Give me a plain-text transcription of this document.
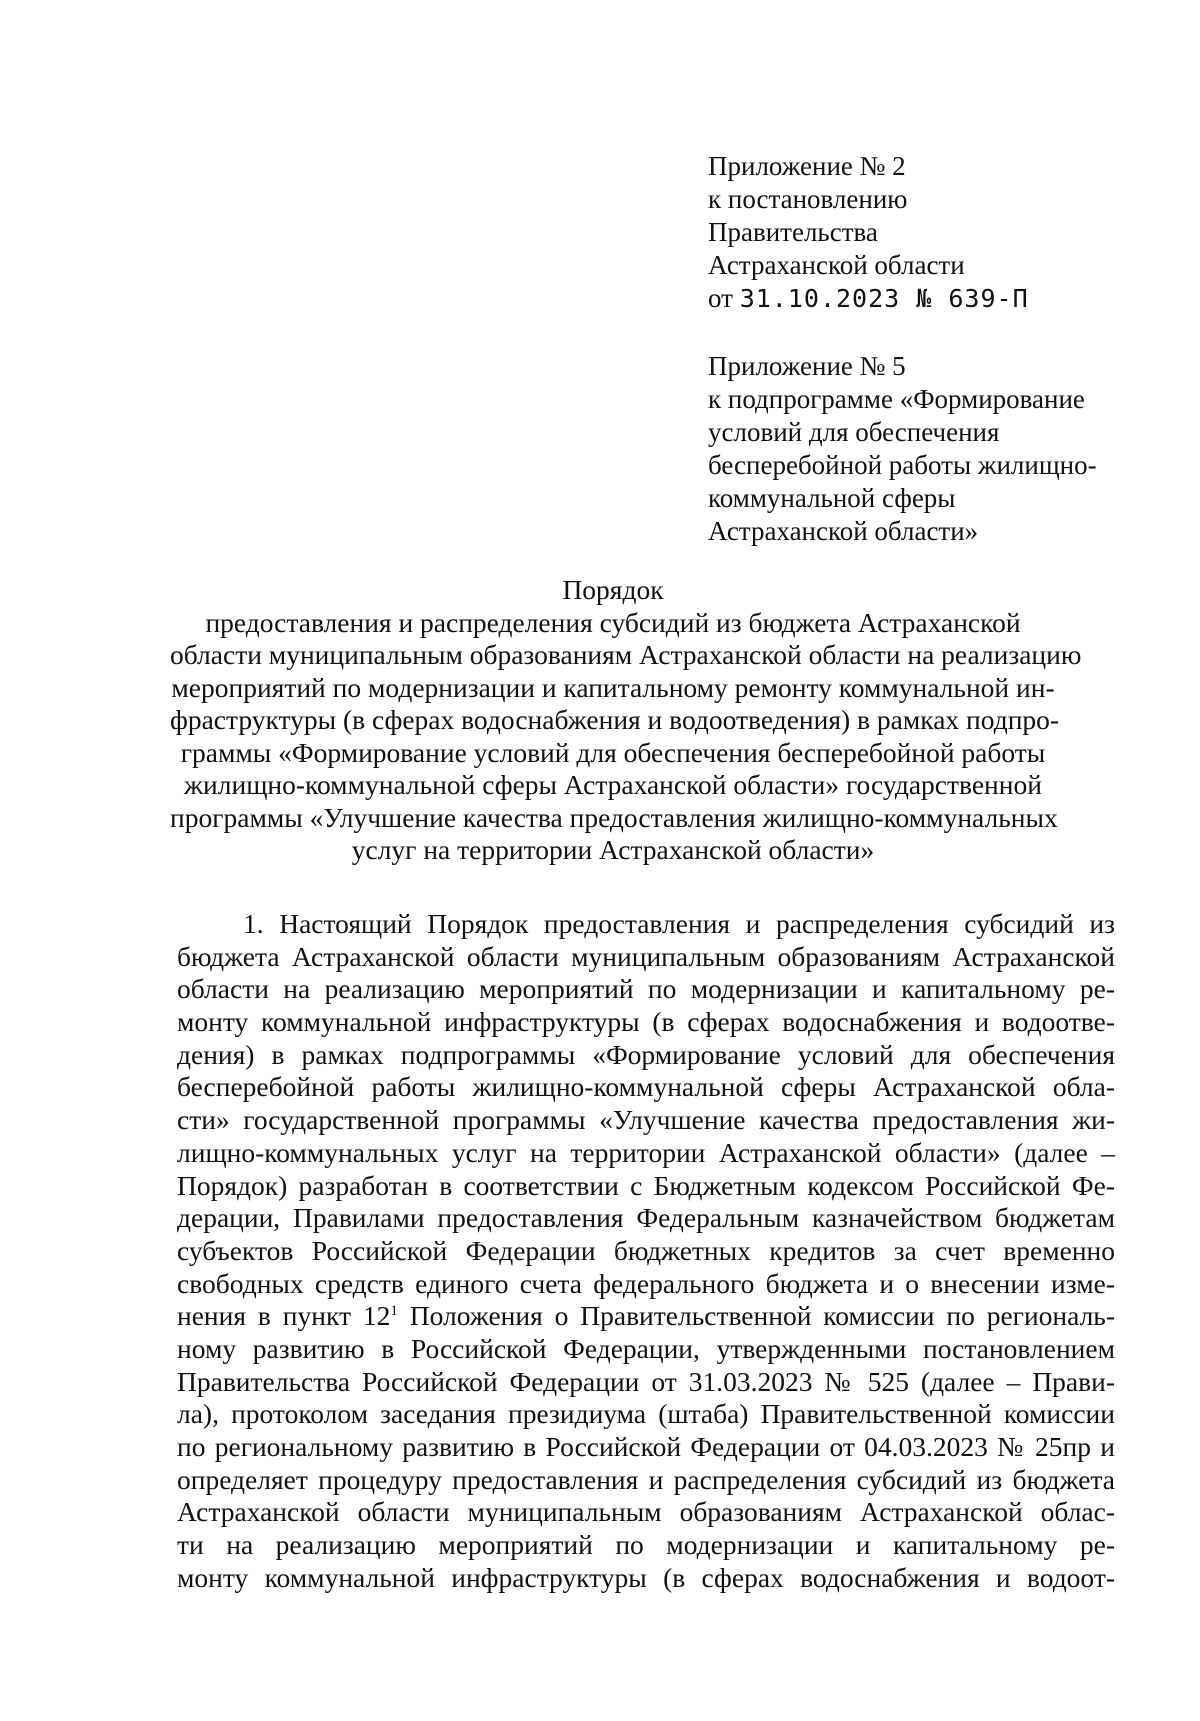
Приложение № 2
к постановлению
Правительства
Астраханской области
от 31.10.2023 № 639-П
Приложение № 5
к подпрограмме «Формирование
условий для обеспечения
бесперебойной работы жилищно-
коммунальной сферы
Астраханской области»
Порядок
предоставления и распределения субсидий из бюджета Астраханской
области муниципальным образованиям Астраханской области на реализацию
мероприятий по модернизации и капитальному ремонту коммунальной ин-
фраструктуры (в сферах водоснабжения и водоотведения) в рамках подпро-
граммы «Формирование условий для обеспечения бесперебойной работы
жилищно-коммунальной сферы Астраханской области» государственной
программы «Улучшение качества предоставления жилищно-коммунальных
услуг на территории Астраханской области»
1. Настоящий Порядок предоставления и распределения субсидий из
бюджета Астраханской области муниципальным образованиям Астраханской
области на реализацию мероприятий по модернизации и капитальному ре-
монту коммунальной инфраструктуры (в сферах водоснабжения и водоотве-
дения) в рамках подпрограммы «Формирование условий для обеспечения
бесперебойной работы жилищно-коммунальной сферы Астраханской обла-
сти» государственной программы «Улучшение качества предоставления жи-
лищно-коммунальных услуг на территории Астраханской области» (далее –
Порядок) разработан в соответствии с Бюджетным кодексом Российской Фе-
дерации, Правилами предоставления Федеральным казначейством бюджетам
субъектов Российской Федерации бюджетных кредитов за счет временно
свободных средств единого счета федерального бюджета и о внесении изме-
нения в пункт $12^1$ Положения о Правительственной комиссии по региональ-
ному развитию в Российской Федерации, утвержденными постановлением
Правительства Российской Федерации от 31.03.2023 № 525 (далее – Прави-
ла), протоколом заседания президиума (штаба) Правительственной комиссии
по региональному развитию в Российской Федерации от 04.03.2023 № 25пр и
определяет процедуру предоставления и распределения субсидий из бюджета
Астраханской области муниципальным образованиям Астраханской облас-
ти на реализацию мероприятий по модернизации и капитальному ре-
монту коммунальной инфраструктуры (в сферах водоснабжения и водоот-
